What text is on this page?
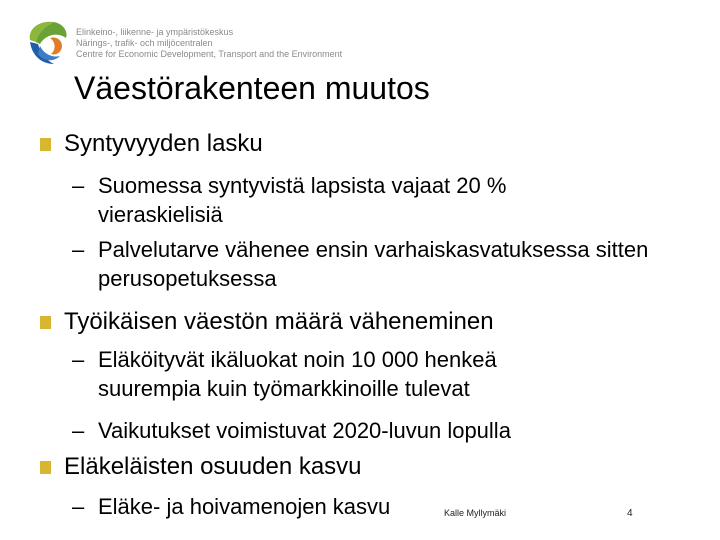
Elinkeino-, liikenne- ja ympäristökeskus
Närings-, trafik- och miljöcentralen
Centre for Economic Development, Transport and the Environment
Väestörakenteen muutos
Syntyvyyden lasku
– Suomessa syntyvistä lapsista vajaat 20 % vieraskielisiä
– Palvelutarve vähenee ensin varhaiskasvatuksessa sitten perusopetuksessa
Työikäisen väestön määrä väheneminen
– Eläköityvät ikäluokat noin 10 000 henkeä suurempia kuin työmarkkinoille tulevat
– Vaikutukset voimistuvat 2020-luvun lopulla
Eläkeläisten osuuden kasvu
– Eläke- ja hoivamenojen kasvu	Kalle Myllymäki	4
